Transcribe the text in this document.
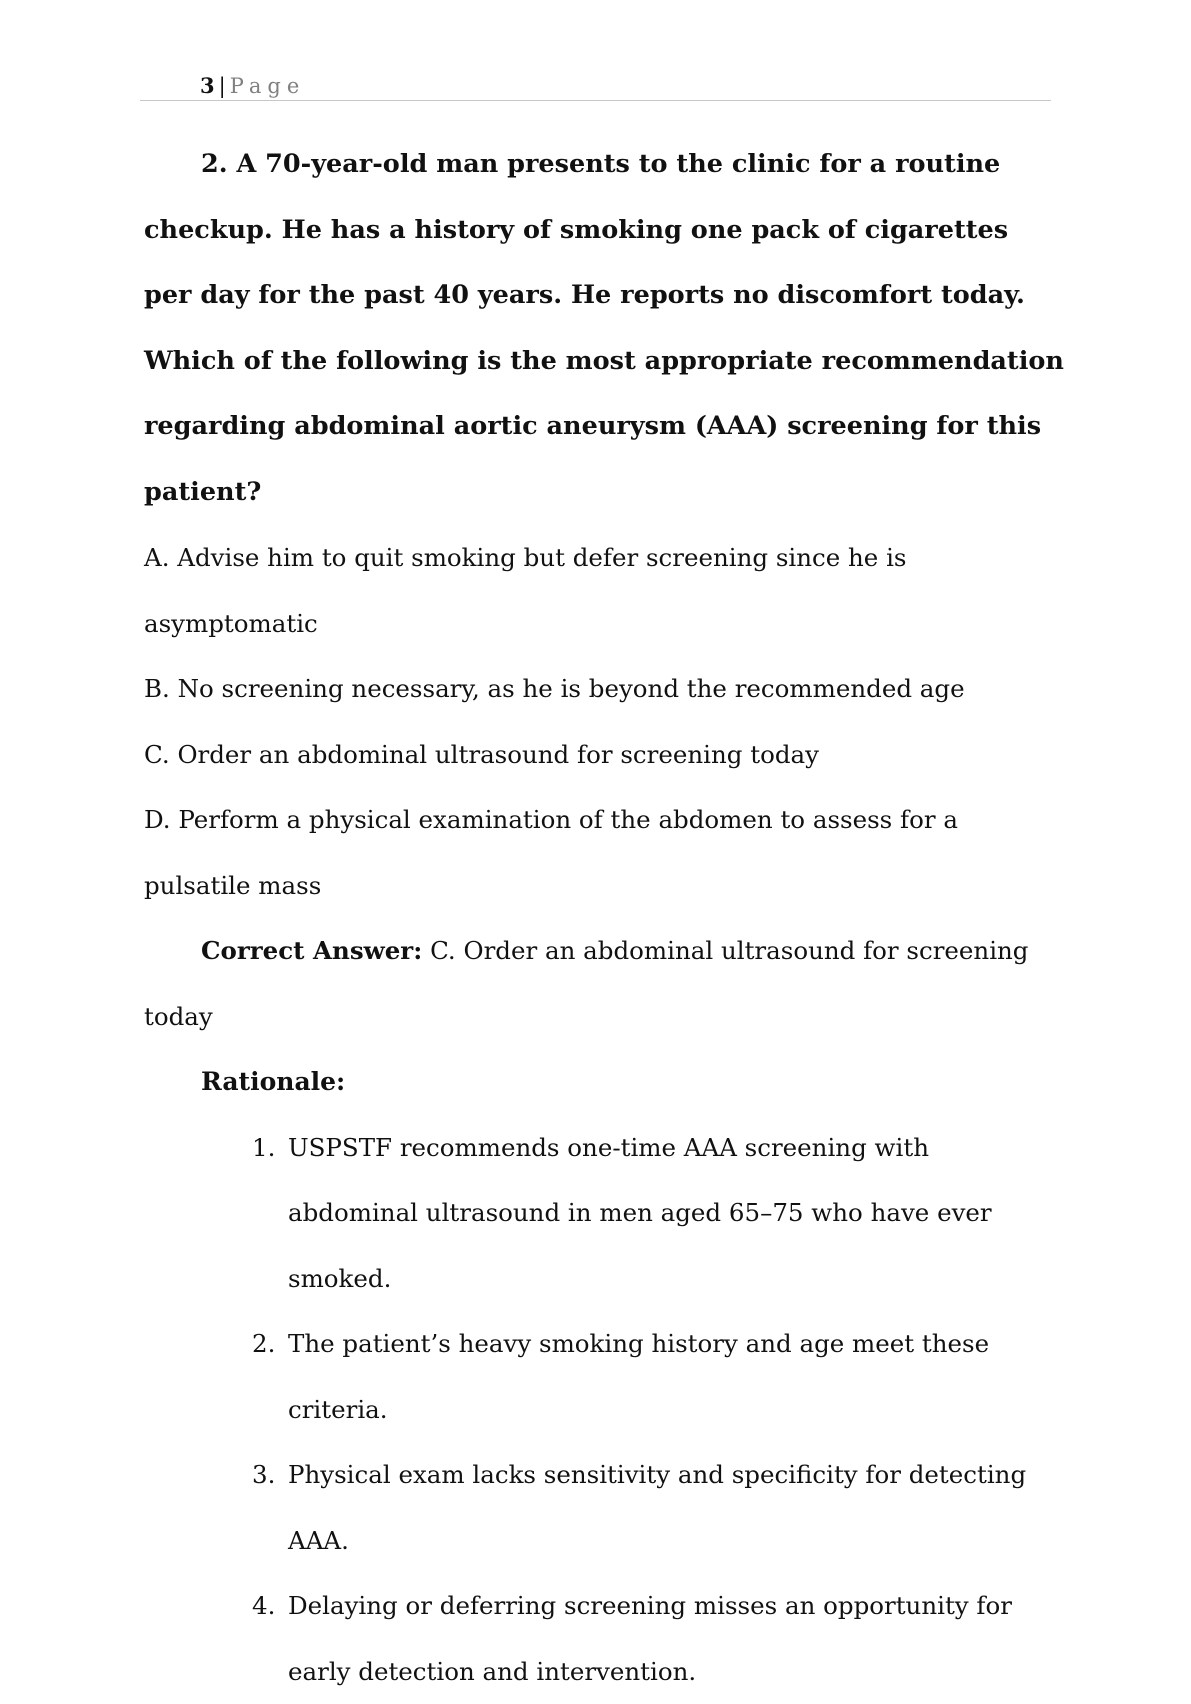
3 | Page

2. A 70-year-old man presents to the clinic for a routine checkup. He has a history of smoking one pack of cigarettes per day for the past 40 years. He reports no discomfort today. Which of the following is the most appropriate recommendation regarding abdominal aortic aneurysm (AAA) screening for this patient?

A. Advise him to quit smoking but defer screening since he is asymptomatic

B. No screening necessary, as he is beyond the recommended age

C. Order an abdominal ultrasound for screening today

D. Perform a physical examination of the abdomen to assess for a pulsatile mass

Correct Answer: C. Order an abdominal ultrasound for screening today

Rationale:

1. USPSTF recommends one-time AAA screening with abdominal ultrasound in men aged 65–75 who have ever smoked.
2. The patient’s heavy smoking history and age meet these criteria.
3. Physical exam lacks sensitivity and specificity for detecting AAA.
4. Delaying or deferring screening misses an opportunity for early detection and intervention.
